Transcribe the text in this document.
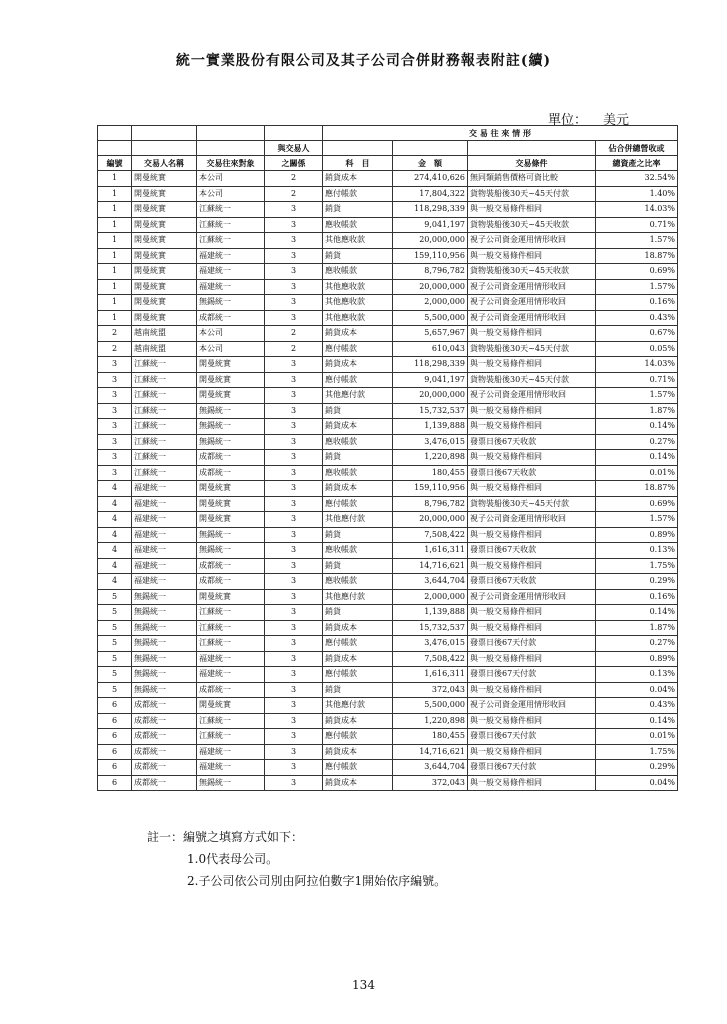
統一實業股份有限公司及其子公司合併財務報表附註(續)
單位： 美元
				交 易 往 來 情 形			
			與交易人				佔合併總營收或
編號	交易人名稱	交易往來對象	之關係	科　目	金　額	交易條件	總資產之比率
1	開曼統實	本公司	2	銷貨成本	274,410,626	無同類銷售價格可資比較	32.54%
1	開曼統實	本公司	2	應付帳款	17,804,322	貨物裝船後30天~45天付款	1.40%
1	開曼統實	江蘇統一	3	銷貨	118,298,339	與一般交易條件相同	14.03%
1	開曼統實	江蘇統一	3	應收帳款	9,041,197	貨物裝船後30天~45天收款	0.71%
1	開曼統實	江蘇統一	3	其他應收款	20,000,000	視子公司資金運用情形收回	1.57%
1	開曼統實	福建統一	3	銷貨	159,110,956	與一般交易條件相同	18.87%
1	開曼統實	福建統一	3	應收帳款	8,796,782	貨物裝船後30天~45天收款	0.69%
1	開曼統實	福建統一	3	其他應收款	20,000,000	視子公司資金運用情形收回	1.57%
1	開曼統實	無錫統一	3	其他應收款	2,000,000	視子公司資金運用情形收回	0.16%
1	開曼統實	成都統一	3	其他應收款	5,500,000	視子公司資金運用情形收回	0.43%
2	越南統盟	本公司	2	銷貨成本	5,657,967	與一般交易條件相同	0.67%
2	越南統盟	本公司	2	應付帳款	610,043	貨物裝船後30天~45天付款	0.05%
3	江蘇統一	開曼統實	3	銷貨成本	118,298,339	與一般交易條件相同	14.03%
3	江蘇統一	開曼統實	3	應付帳款	9,041,197	貨物裝船後30天~45天付款	0.71%
3	江蘇統一	開曼統實	3	其他應付款	20,000,000	視子公司資金運用情形收回	1.57%
3	江蘇統一	無錫統一	3	銷貨	15,732,537	與一般交易條件相同	1.87%
3	江蘇統一	無錫統一	3	銷貨成本	1,139,888	與一般交易條件相同	0.14%
3	江蘇統一	無錫統一	3	應收帳款	3,476,015	發票日後67天收款	0.27%
3	江蘇統一	成都統一	3	銷貨	1,220,898	與一般交易條件相同	0.14%
3	江蘇統一	成都統一	3	應收帳款	180,455	發票日後67天收款	0.01%
4	福建統一	開曼統實	3	銷貨成本	159,110,956	與一般交易條件相同	18.87%
4	福建統一	開曼統實	3	應付帳款	8,796,782	貨物裝船後30天~45天付款	0.69%
4	福建統一	開曼統實	3	其他應付款	20,000,000	視子公司資金運用情形收回	1.57%
4	福建統一	無錫統一	3	銷貨	7,508,422	與一般交易條件相同	0.89%
4	福建統一	無錫統一	3	應收帳款	1,616,311	發票日後67天收款	0.13%
4	福建統一	成都統一	3	銷貨	14,716,621	與一般交易條件相同	1.75%
4	福建統一	成都統一	3	應收帳款	3,644,704	發票日後67天收款	0.29%
5	無錫統一	開曼統實	3	其他應付款	2,000,000	視子公司資金運用情形收回	0.16%
5	無錫統一	江蘇統一	3	銷貨	1,139,888	與一般交易條件相同	0.14%
5	無錫統一	江蘇統一	3	銷貨成本	15,732,537	與一般交易條件相同	1.87%
5	無錫統一	江蘇統一	3	應付帳款	3,476,015	發票日後67天付款	0.27%
5	無錫統一	福建統一	3	銷貨成本	7,508,422	與一般交易條件相同	0.89%
5	無錫統一	福建統一	3	應付帳款	1,616,311	發票日後67天付款	0.13%
5	無錫統一	成都統一	3	銷貨	372,043	與一般交易條件相同	0.04%
6	成都統一	開曼統實	3	其他應付款	5,500,000	視子公司資金運用情形收回	0.43%
6	成都統一	江蘇統一	3	銷貨成本	1,220,898	與一般交易條件相同	0.14%
6	成都統一	江蘇統一	3	應付帳款	180,455	發票日後67天付款	0.01%
6	成都統一	福建統一	3	銷貨成本	14,716,621	與一般交易條件相同	1.75%
6	成都統一	福建統一	3	應付帳款	3,644,704	發票日後67天付款	0.29%
6	成都統一	無錫統一	3	銷貨成本	372,043	與一般交易條件相同	0.04%
註一：編號之填寫方式如下：
1.0代表母公司。
2.子公司依公司別由阿拉伯數字1開始依序編號。
134
